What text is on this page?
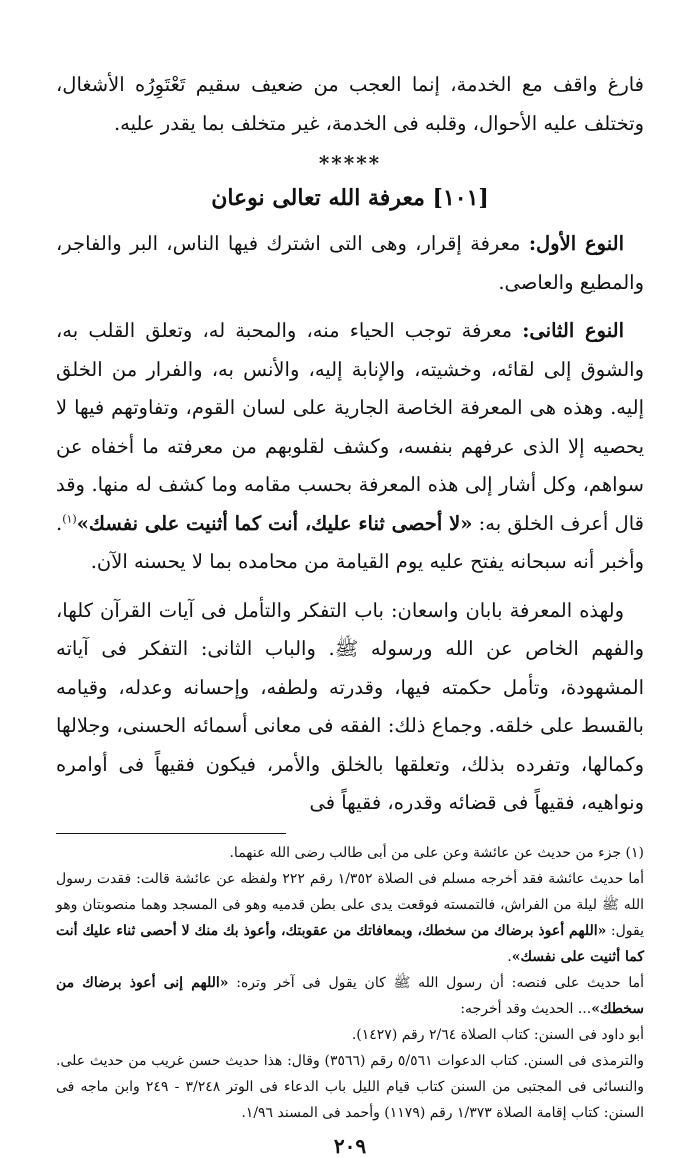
فارغ واقف مع الخدمة، إنما العجب من ضعيف سقيم تَعْتَوِرُه الأشغال، وتختلف عليه الأحوال، وقلبه فى الخدمة، غير متخلف بما يقدر عليه.

*****
[١٠١] معرفة الله تعالى نوعان

النوع الأول: معرفة إقرار، وهى التى اشترك فيها الناس، البر والفاجر، والمطيع والعاصى.

النوع الثانى: معرفة توجب الحياء منه، والمحبة له، وتعلق القلب به، والشوق إلى لقائه، وخشيته، والإنابة إليه، والأنس به، والفرار من الخلق إليه. وهذه هى المعرفة الخاصة الجارية على لسان القوم، وتفاوتهم فيها لا يحصيه إلا الذى عرفهم بنفسه، وكشف لقلوبهم من معرفته ما أخفاه عن سواهم، وكل أشار إلى هذه المعرفة بحسب مقامه وما كشف له منها. وقد قال أعرف الخلق به: «لا أحصى ثناء عليك، أنت كما أثنيت على نفسك»$^{(١)}$. وأخبر أنه سبحانه يفتح عليه يوم القيامة من محامده بما لا يحسنه الآن.

ولهذه المعرفة بابان واسعان: باب التفكر والتأمل فى آيات القرآن كلها، والفهم الخاص عن الله ورسوله ﷺ. والباب الثانى: التفكر فى آياته المشهودة، وتأمل حكمته فيها، وقدرته ولطفه، وإحسانه وعدله، وقيامه بالقسط على خلقه. وجماع ذلك: الفقه فى معانى أسمائه الحسنى، وجلالها وكمالها، وتفرده بذلك، وتعلقها بالخلق والأمر، فيكون فقيهاً فى أوامره ونواهيه، فقيهاً فى قضائه وقدره، فقيهاً فى

(١) جزء من حديث عن عائشة وعن على من أبى طالب رضى الله عنهما.

أما حديث عائشة فقد أخرجه مسلم فى الصلاة ١/٣٥٢ رقم ٢٢٢ ولفظه عن عائشة قالت: فقدت رسول الله ﷺ ليلة من الفراش، فالتمسته فوقعت يدى على بطن قدميه وهو فى المسجد وهما منصوبتان وهو يقول: «اللهم أعوذ برضاك من سخطك، وبمعافاتك من عقوبتك، وأعوذ بك منك لا أحصى ثناء عليك أنت كما أثنيت على نفسك».

أما حديث على فنصه: أن رسول الله ﷺ كان يقول فى آخر وتره: «اللهم إنى أعوذ برضاك من سخطك»... الحديث وقد أخرجه:

أبو داود فى السنن: كتاب الصلاة ٢/٦٤ رقم (١٤٢٧).

والترمذى فى السنن. كتاب الدعوات ٥/٥٦١ رقم (٣٥٦٦) وقال: هذا حديث حسن غريب من حديث على. والنسائى فى المجتبى من السنن كتاب قيام الليل باب الدعاء فى الوتر ٣/٢٤٨ - ٢٤٩ وابن ماجه فى السنن: كتاب إقامة الصلاة ١/٣٧٣ رقم (١١٧٩) وأحمد فى المسند ١/٩٦.

٢٠٩
